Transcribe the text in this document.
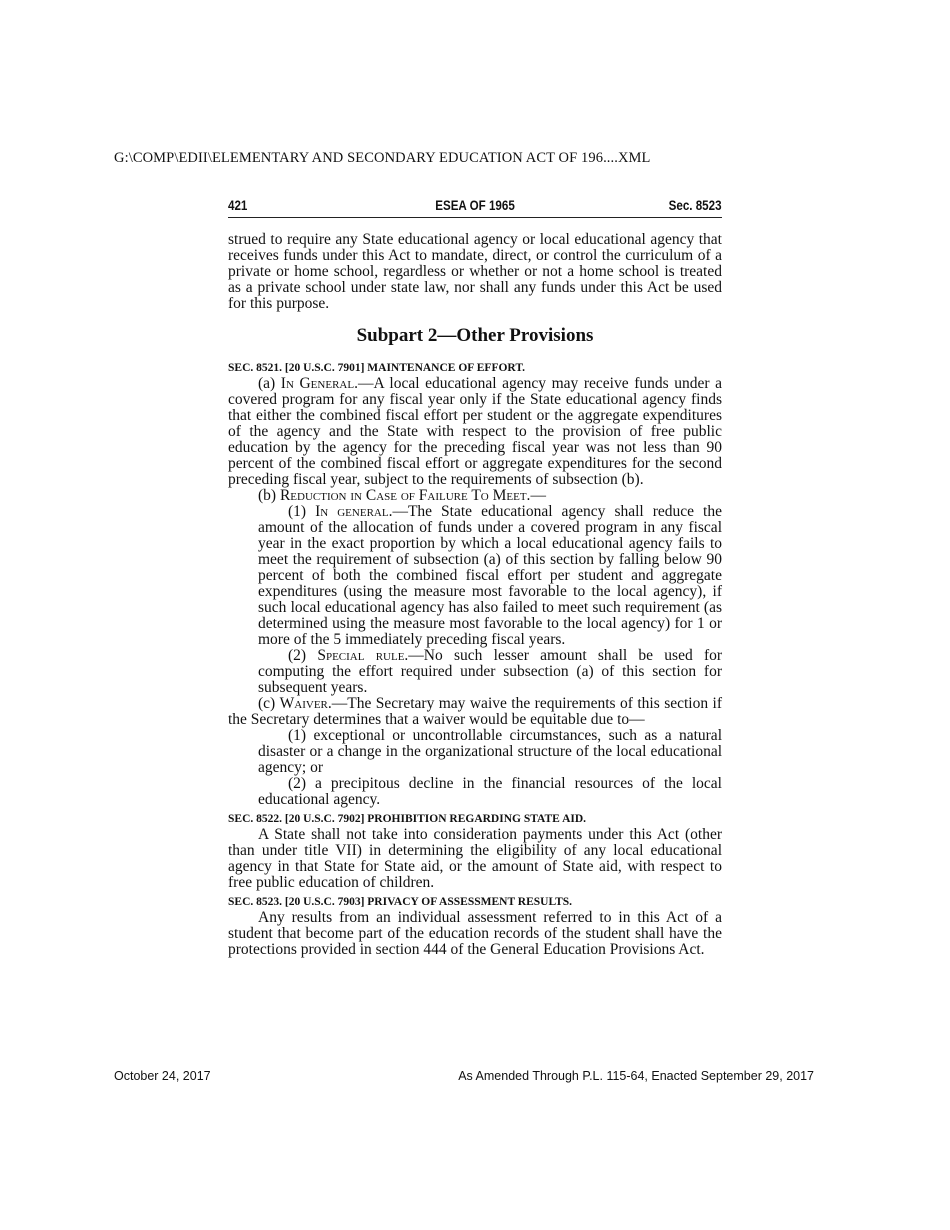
G:\COMP\EDII\ELEMENTARY AND SECONDARY EDUCATION ACT OF 196....XML
421	ESEA OF 1965	Sec. 8523

strued to require any State educational agency or local educational agency that receives funds under this Act to mandate, direct, or control the curriculum of a private or home school, regardless or whether or not a home school is treated as a private school under state law, nor shall any funds under this Act be used for this purpose.

Subpart 2—Other Provisions
SEC. 8521. [20 U.S.C. 7901] MAINTENANCE OF EFFORT.

(a) In General.—A local educational agency may receive funds under a covered program for any fiscal year only if the State educational agency finds that either the combined fiscal effort per student or the aggregate expenditures of the agency and the State with respect to the provision of free public education by the agency for the preceding fiscal year was not less than 90 percent of the combined fiscal effort or aggregate expenditures for the second preceding fiscal year, subject to the requirements of subsection (b).

(b) Reduction in Case of Failure To Meet.—

(1) In general.—The State educational agency shall reduce the amount of the allocation of funds under a covered program in any fiscal year in the exact proportion by which a local educational agency fails to meet the requirement of subsection (a) of this section by falling below 90 percent of both the combined fiscal effort per student and aggregate expenditures (using the measure most favorable to the local agency), if such local educational agency has also failed to meet such requirement (as determined using the measure most favorable to the local agency) for 1 or more of the 5 immediately preceding fiscal years.

(2) Special rule.—No such lesser amount shall be used for computing the effort required under subsection (a) of this section for subsequent years.

(c) Waiver.—The Secretary may waive the requirements of this section if the Secretary determines that a waiver would be equitable due to—

(1) exceptional or uncontrollable circumstances, such as a natural disaster or a change in the organizational structure of the local educational agency; or

(2) a precipitous decline in the financial resources of the local educational agency.

SEC. 8522. [20 U.S.C. 7902] PROHIBITION REGARDING STATE AID.

A State shall not take into consideration payments under this Act (other than under title VII) in determining the eligibility of any local educational agency in that State for State aid, or the amount of State aid, with respect to free public education of children.

SEC. 8523. [20 U.S.C. 7903] PRIVACY OF ASSESSMENT RESULTS.

Any results from an individual assessment referred to in this Act of a student that become part of the education records of the student shall have the protections provided in section 444 of the General Education Provisions Act.

October 24, 2017	As Amended Through P.L. 115-64, Enacted September 29, 2017
